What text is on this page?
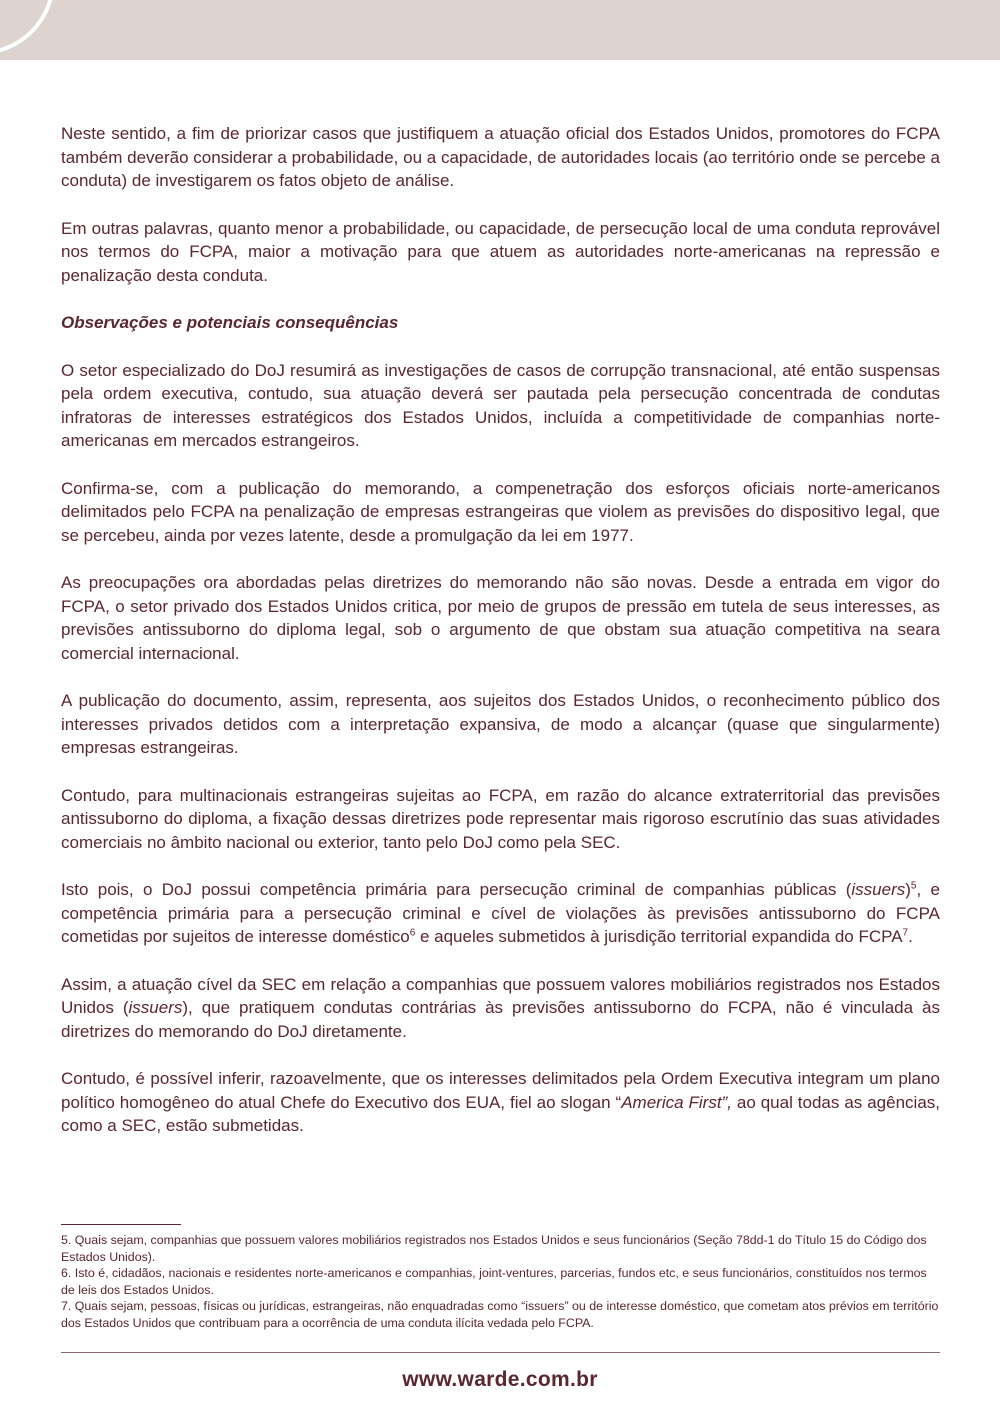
Neste sentido, a fim de priorizar casos que justifiquem a atuação oficial dos Estados Unidos, promotores do FCPA também deverão considerar a probabilidade, ou a capacidade, de autoridades locais (ao território onde se percebe a conduta) de investigarem os fatos objeto de análise.

Em outras palavras, quanto menor a probabilidade, ou capacidade, de persecução local de uma conduta reprovável nos termos do FCPA, maior a motivação para que atuem as autoridades norte-americanas na repressão e penalização desta conduta.

Observações e potenciais consequências

O setor especializado do DoJ resumirá as investigações de casos de corrupção transnacional, até então suspensas pela ordem executiva, contudo, sua atuação deverá ser pautada pela persecução concentrada de condutas infratoras de interesses estratégicos dos Estados Unidos, incluída a competitividade de companhias norte-americanas em mercados estrangeiros.

Confirma-se, com a publicação do memorando, a compenetração dos esforços oficiais norte-americanos delimitados pelo FCPA na penalização de empresas estrangeiras que violem as previsões do dispositivo legal, que se percebeu, ainda por vezes latente, desde a promulgação da lei em 1977.

As preocupações ora abordadas pelas diretrizes do memorando não são novas. Desde a entrada em vigor do FCPA, o setor privado dos Estados Unidos critica, por meio de grupos de pressão em tutela de seus interesses, as previsões antissuborno do diploma legal, sob o argumento de que obstam sua atuação competitiva na seara comercial internacional.

A publicação do documento, assim, representa, aos sujeitos dos Estados Unidos, o reconhecimento público dos interesses privados detidos com a interpretação expansiva, de modo a alcançar (quase que singularmente) empresas estrangeiras.

Contudo, para multinacionais estrangeiras sujeitas ao FCPA, em razão do alcance extraterritorial das previsões antissuborno do diploma, a fixação dessas diretrizes pode representar mais rigoroso escrutínio das suas atividades comerciais no âmbito nacional ou exterior, tanto pelo DoJ como pela SEC.

Isto pois, o DoJ possui competência primária para persecução criminal de companhias públicas (issuers)$^5$, e competência primária para a persecução criminal e cível de violações às previsões antissuborno do FCPA cometidas por sujeitos de interesse doméstico$^6$ e aqueles submetidos à jurisdição territorial expandida do FCPA$^7$.

Assim, a atuação cível da SEC em relação a companhias que possuem valores mobiliários registrados nos Estados Unidos (issuers), que pratiquem condutas contrárias às previsões antissuborno do FCPA, não é vinculada às diretrizes do memorando do DoJ diretamente.

Contudo, é possível inferir, razoavelmente, que os interesses delimitados pela Ordem Executiva integram um plano político homogêneo do atual Chefe do Executivo dos EUA, fiel ao slogan “America First”, ao qual todas as agências, como a SEC, estão submetidas.

5. Quais sejam, companhias que possuem valores mobiliários registrados nos Estados Unidos e seus funcionários (Seção 78dd-1 do Título 15 do Código dos Estados Unidos).

6. Isto é, cidadãos, nacionais e residentes norte-americanos e companhias, joint-ventures, parcerias, fundos etc, e seus funcionários, constituídos nos termos de leis dos Estados Unidos.

7. Quais sejam, pessoas, físicas ou jurídicas, estrangeiras, não enquadradas como “issuers” ou de interesse doméstico, que cometam atos prévios em território dos Estados Unidos que contribuam para a ocorrência de uma conduta ilícita vedada pelo FCPA.

www.warde.com.br
